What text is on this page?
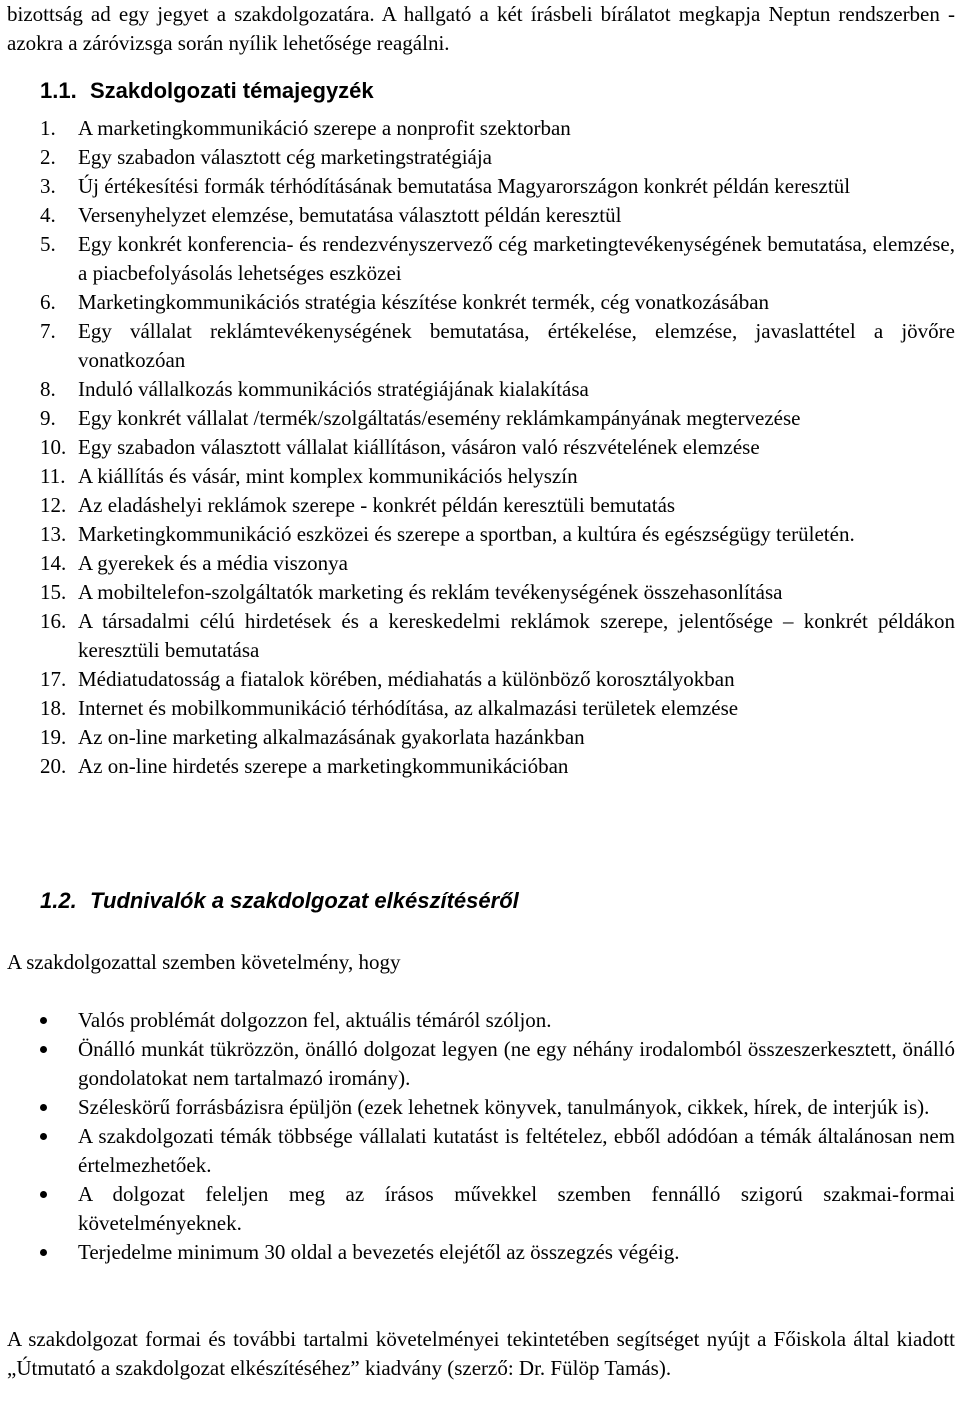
bizottság ad egy jegyet a szakdolgozatára. A hallgató a két írásbeli bírálatot megkapja Neptun rendszerben - azokra a záróvizsga során nyílik lehetősége reagálni.

1.1. Szakdolgozati témajegyzék
1.	A marketingkommunikáció szerepe a nonprofit szektorban
2.	Egy szabadon választott cég marketingstratégiája
3.	Új értékesítési formák térhódításának bemutatása Magyarországon konkrét példán keresztül
4.	Versenyhelyzet elemzése, bemutatása választott példán keresztül
5.	Egy konkrét konferencia- és rendezvényszervező cég marketingtevékenységének bemutatása, elemzése, a piacbefolyásolás lehetséges eszközei
6.	Marketingkommunikációs stratégia készítése konkrét termék, cég vonatkozásában
7.	Egy vállalat reklámtevékenységének bemutatása, értékelése, elemzése, javaslattétel a jövőre vonatkozóan
8.	Induló vállalkozás kommunikációs stratégiájának kialakítása
9.	Egy konkrét vállalat /termék/szolgáltatás/esemény reklámkampányának megtervezése
10. Egy szabadon választott vállalat kiállításon, vásáron való részvételének elemzése
11. A kiállítás és vásár, mint komplex kommunikációs helyszín
12. Az eladáshelyi reklámok szerepe - konkrét példán keresztüli bemutatás
13. Marketingkommunikáció eszközei és szerepe a sportban, a kultúra és egészségügy területén.
14. A gyerekek és a média viszonya
15. A mobiltelefon-szolgáltatók marketing és reklám tevékenységének összehasonlítása
16. A társadalmi célú hirdetések és a kereskedelmi reklámok szerepe, jelentősége – konkrét példákon keresztüli bemutatása
17. Médiatudatosság a fiatalok körében, médiahatás a különböző korosztályokban
18. Internet és mobilkommunikáció térhódítása, az alkalmazási területek elemzése
19. Az on-line marketing alkalmazásának gyakorlata hazánkban
20. Az on-line hirdetés szerepe a marketingkommunikációban
1.2. Tudnivalók a szakdolgozat elkészítéséről

A szakdolgozattal szemben követelmény, hogy

Valós problémát dolgozzon fel, aktuális témáról szóljon.
Önálló munkát tükrözzön, önálló dolgozat legyen (ne egy néhány irodalomból összeszerkesztett, önálló gondolatokat nem tartalmazó iromány).
Széleskörű forrásbázisra épüljön (ezek lehetnek könyvek, tanulmányok, cikkek, hírek, de interjúk is).
A szakdolgozati témák többsége vállalati kutatást is feltételez, ebből adódóan a témák általánosan nem értelmezhetőek.
A dolgozat feleljen meg az írásos művekkel szemben fennálló szigorú szakmai-formai követelményeknek.
Terjedelme minimum 30 oldal a bevezetés elejétől az összegzés végéig.

A szakdolgozat formai és további tartalmi követelményei tekintetében segítséget nyújt a Főiskola által kiadott „Útmutató a szakdolgozat elkészítéséhez” kiadvány (szerző: Dr. Fülöp Tamás).
